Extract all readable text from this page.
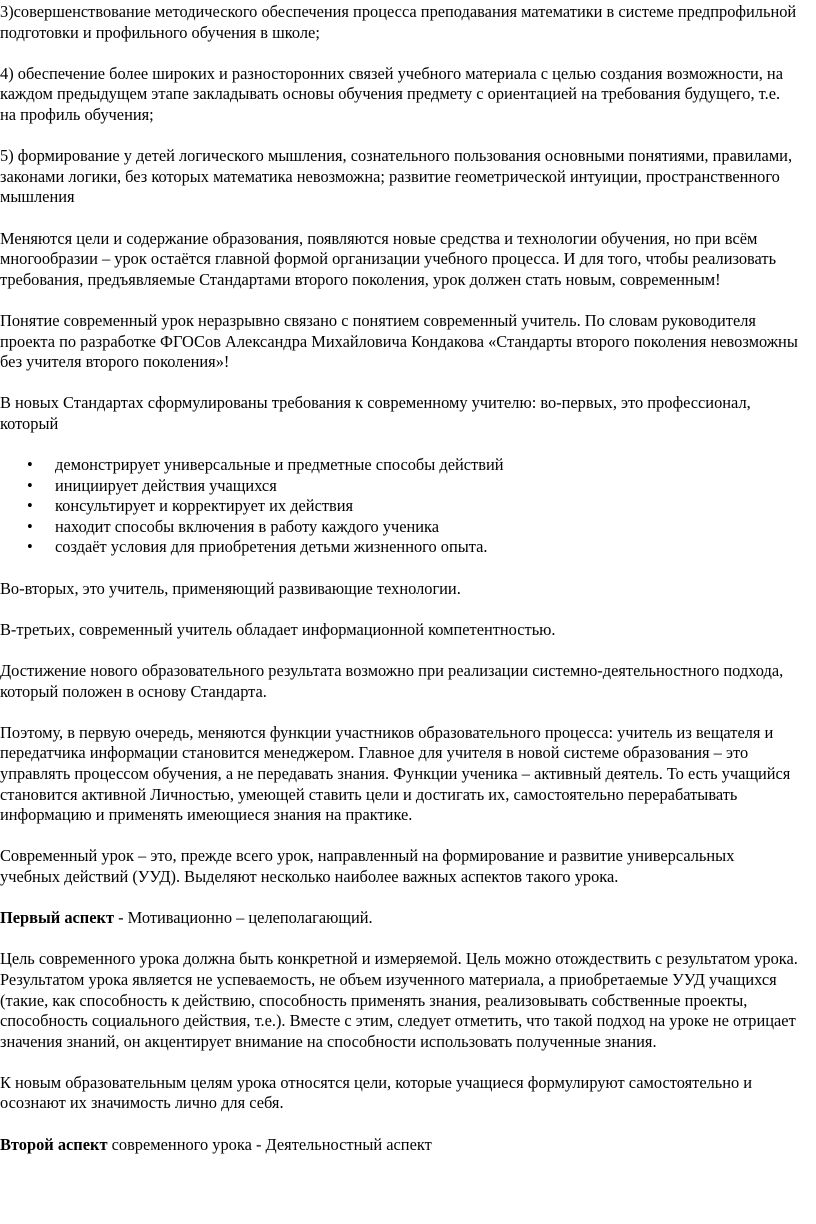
3)совершенствование методического обеспечения процесса преподавания математики в системе предпрофильной подготовки и профильного обучения в школе;

4) обеспечение более широких и разносторонних связей учебного материала с целью создания возможности, на каждом предыдущем этапе закладывать основы обучения предмету с ориентацией на требования будущего, т.е. на профиль обучения;

5) формирование у детей логического мышления, сознательного пользования основными понятиями, правилами, законами логики, без которых математика невозможна; развитие геометрической интуиции, пространственного мышления

Меняются цели и содержание образования, появляются новые средства и технологии обучения, но при всём многообразии – урок остаётся главной формой организации учебного процесса. И для того, чтобы реализовать требования, предъявляемые Стандартами второго поколения, урок должен стать новым, современным!

Понятие современный урок неразрывно связано с понятием современный учитель. По словам руководителя проекта по разработке ФГОСов Александра Михайловича Кондакова «Стандарты второго поколения невозможны без учителя второго поколения»!

В новых Стандартах сформулированы требования к современному учителю: во-первых, это профессионал, который

• демонстрирует универсальные и предметные способы действий
• инициирует действия учащихся
• консультирует и корректирует их действия
• находит способы включения в работу каждого ученика
• создаёт условия для приобретения детьми жизненного опыта.

Во-вторых, это учитель, применяющий развивающие технологии.

В-третьих, современный учитель обладает информационной компетентностью.

Достижение нового образовательного результата возможно при реализации системно-деятельностного подхода, который положен в основу Стандарта.

Поэтому, в первую очередь, меняются функции участников образовательного процесса: учитель из вещателя и передатчика информации становится менеджером. Главное для учителя в новой системе образования – это управлять процессом обучения, а не передавать знания. Функции ученика – активный деятель. То есть учащийся становится активной Личностью, умеющей ставить цели и достигать их, самостоятельно перерабатывать информацию и применять имеющиеся знания на практике.

Современный урок – это, прежде всего урок, направленный на формирование и развитие универсальных учебных действий (УУД). Выделяют несколько наиболее важных аспектов такого урока.

Первый аспект - Мотивационно – целеполагающий.

Цель современного урока должна быть конкретной и измеряемой. Цель можно отождествить с результатом урока. Результатом урока является не успеваемость, не объем изученного материала, а приобретаемые УУД учащихся (такие, как способность к действию, способность применять знания, реализовывать собственные проекты, способность социального действия, т.е.). Вместе с этим, следует отметить, что такой подход на уроке не отрицает значения знаний, он акцентирует внимание на способности использовать полученные знания.

К новым образовательным целям урока относятся цели, которые учащиеся формулируют самостоятельно и осознают их значимость лично для себя.

Второй аспект современного урока - Деятельностный аспект
